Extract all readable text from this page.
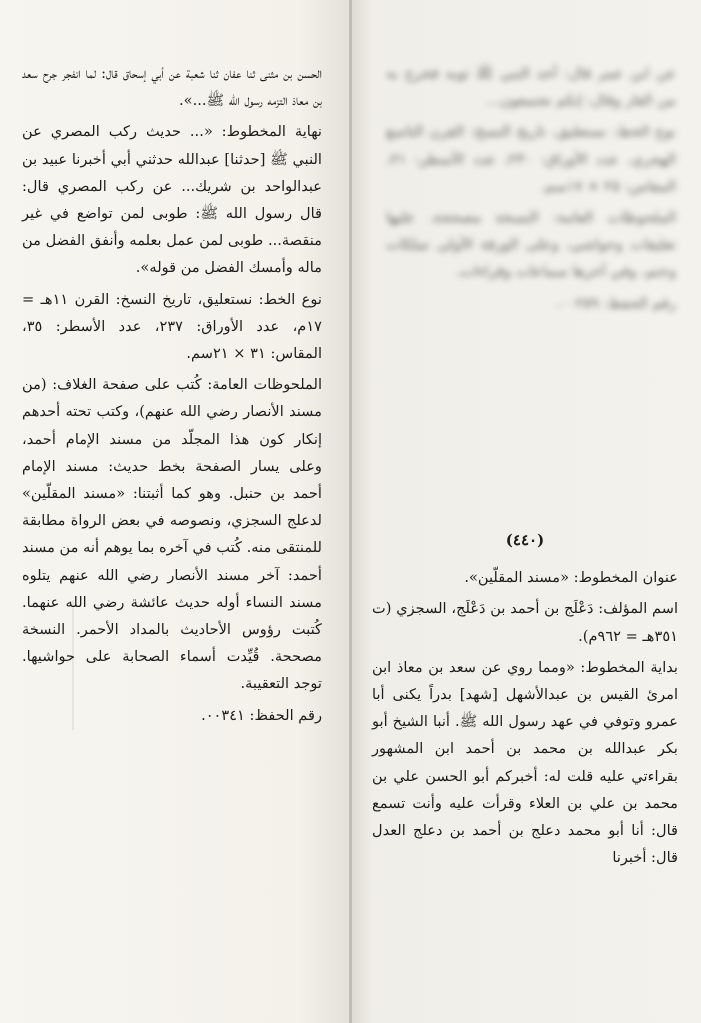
الحسن بن مثنى ثنا عفان ثنا شعبة عن أبي إسحاق قال: لما انفجر جرح سعد بن معاذ التزمه رسول الله ﷺ...».

نهاية المخطوط: «... حديث ركب المصري عن النبي ﷺ [حدثنا] عبدالله حدثني أبي أخبرنا عبيد بن عبدالواحد بن شريك... عن ركب المصري قال: قال رسول الله ﷺ: طوبى لمن تواضع في غير منقصة... طوبى لمن عمل بعلمه وأنفق الفضل من ماله وأمسك الفضل من قوله».

نوع الخط: نستعليق، تاريخ النسخ: القرن ١١هـ = ١٧م، عدد الأوراق: ٢٣٧، عدد الأسطر: ٣٥، المقاس: ٣١ × ٢١سم.

الملحوظات العامة: كُتب على صفحة الغلاف: (من مسند الأنصار رضي الله عنهم)، وكتب تحته أحدهم إنكار كون هذا المجلّد من مسند الإمام أحمد، وعلى يسار الصفحة بخط حديث: مسند الإمام أحمد بن حنبل. وهو كما أثبتنا: «مسند المقلّين» لدعلج السجزي، ونصوصه في بعض الرواة مطابقة للمنتقى منه. كُتب في آخره بما يوهم أنه من مسند أحمد: آخر مسند الأنصار رضي الله عنهم يتلوه مسند النساء أوله حديث عائشة رضي الله عنهما. كُتبت رؤوس الأحاديث بالمداد الأحمر. النسخة مصححة. قُيِّدت أسماء الصحابة على حواشيها. توجد التعقيبة.

رقم الحفظ: ٠٠٣٤١.

عن ابن عمر قال: أخذ النبي ﷺ ثوبه فخرج به من الغار وقال: إنكم تجتمعون...

نوع الخط: نستعليق، تاريخ النسخ: القرن التاسع الهجري، عدد الأوراق: ٢٣٠، عدد الأسطر: ٢١، المقاس: ٢٥ × ١٧سم.

الملحوظات العامة: النسخة مصححة، عليها تعليقات وحواشي، وعلى الورقة الأولى تملكات وختم، وفي آخرها سماعات وقراءات.

رقم الحفظ: ٠٠٢٥٩.

(٤٤٠)

عنوان المخطوط: «مسند المقلّين».

اسم المؤلف: دَعْلَج بن أحمد بن دَعْلَج، السجزي (ت ٣٥١هـ = ٩٦٢م).

بداية المخطوط: «ومما روي عن سعد بن معاذ ابن امرئ القيس بن عبدالأشهل [شهد] بدراً يكنى أبا عمرو وتوفي في عهد رسول الله ﷺ. أنبا الشيخ أبو بكر عبدالله بن محمد بن أحمد ابن المشهور بقراءتي عليه قلت له: أخبركم أبو الحسن علي بن محمد بن علي بن العلاء وقرأت عليه وأنت تسمع قال: أنا أبو محمد دعلج بن أحمد بن دعلج العدل قال: أخبرنا
